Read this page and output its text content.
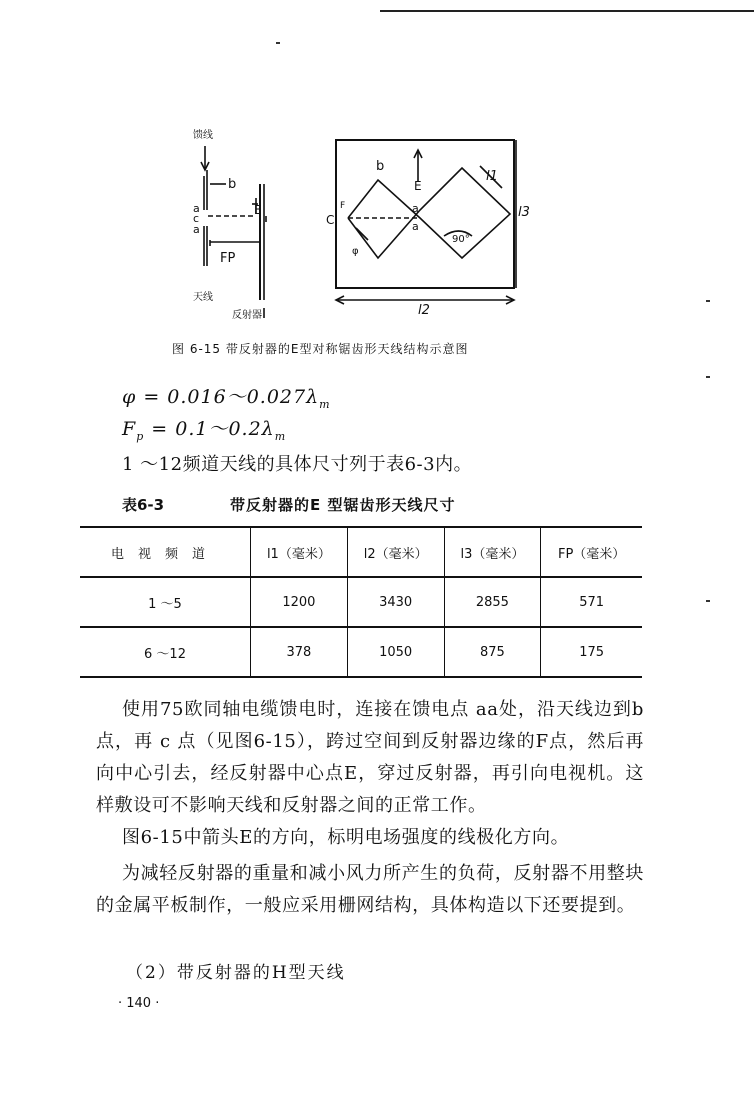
馈线
b
a
c
a
E
FP
天线
反射器
b
E
l1
l3
C
F	a
a
90°
φ
l2
图 6-15 带反射器的E型对称锯齿形天线结构示意图
$\varphi = 0.016\sim 0.027\lambda_m$
$F_p$ = $0.1\sim 0.2\lambda_m$
1 ～12频道天线的具体尺寸列于表6-3内。
表6-3	带反射器的E 型锯齿形天线尺寸
电视频道	l1（毫米）	l2（毫米）	l3（毫米）	FP（毫米）
1 ～5	1200	3430	2855	571
6 ～12	378	1050	875	175
使用75欧同轴电缆馈电时，连接在馈电点 aa处，沿天线边到b 点，再 c 点（见图6-15），跨过空间到反射器边缘的F点，然后再向中心引去，经反射器中心点E，穿过反射器，再引向电视机。这样敷设可不影响天线和反射器之间的正常工作。
图6-15中箭头E的方向，标明电场强度的线极化方向。
为减轻反射器的重量和减小风力所产生的负荷，反射器不用整块的金属平板制作，一般应采用栅网结构，具体构造以下还要提到。
（2）带反射器的H型天线
· 140 ·
